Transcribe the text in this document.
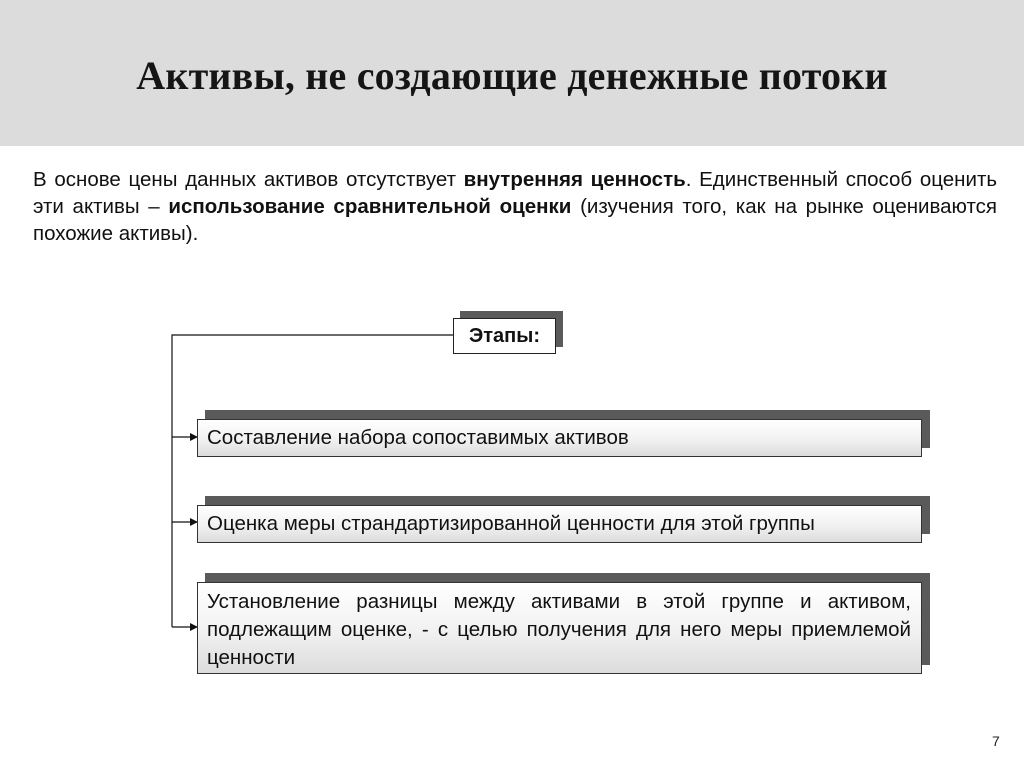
Активы, не создающие денежные потоки
В основе цены данных активов отсутствует внутренняя ценность. Единственный способ оценить эти активы – использование сравнительной оценки (изучения того, как на рынке оцениваются похожие активы).
Этапы:
Составление набора сопоставимых активов
Оценка меры страндартизированной ценности для этой группы
Установление разницы между активами в этой группе и активом, подлежащим оценке, - с целью получения для него меры приемлемой ценности
7
